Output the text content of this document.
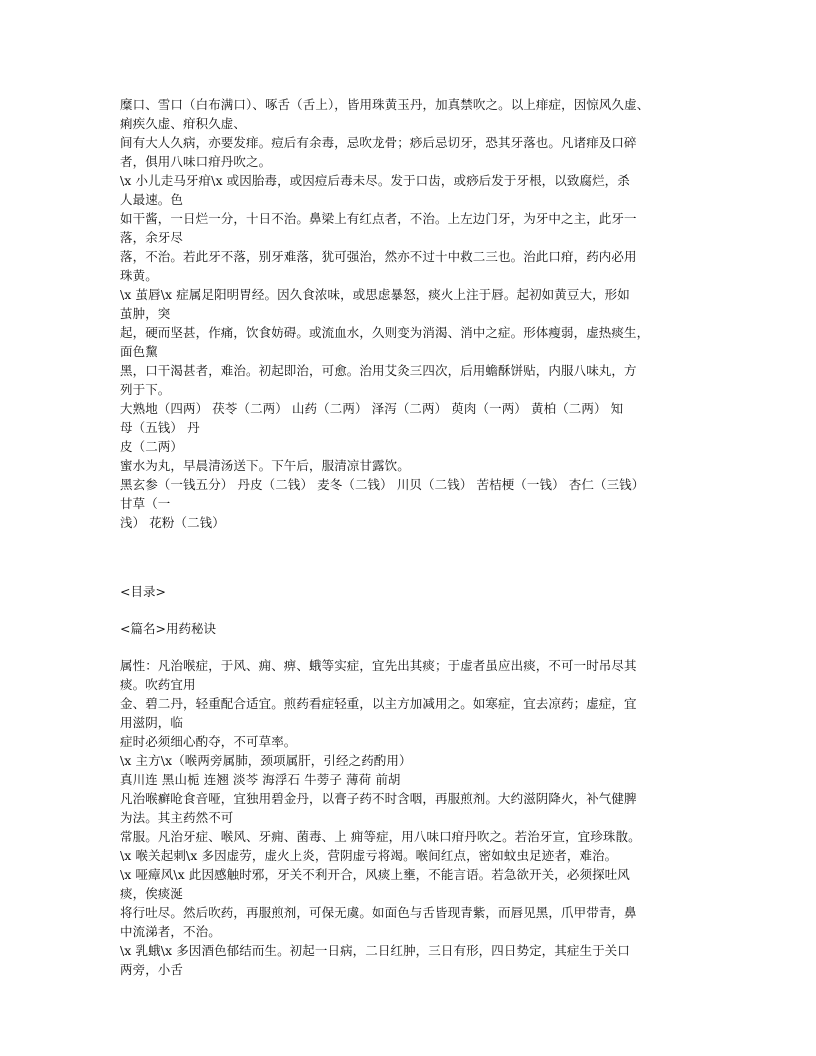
糜口、雪口（白布满口）、啄舌（舌上），皆用珠黄玉丹，加真禁吹之。以上痱症，因惊风久虚、
痢疾久虚、疳积久虚、
间有大人久病，亦要发痱。痘后有余毒，忌吹龙骨；痧后忌切牙，恐其牙落也。凡诸痱及口碎
者，俱用八味口疳丹吹之。
\x 小儿走马牙疳\x 或因胎毒，或因痘后毒未尽。发于口齿，或痧后发于牙根，以致腐烂，杀
人最速。色
如干酱，一日烂一分，十日不治。鼻梁上有红点者，不治。上左边门牙，为牙中之主，此牙一
落，余牙尽
落，不治。若此牙不落，别牙难落，犹可强治，然亦不过十中救二三也。治此口疳，药内必用
珠黄。
\x 茧唇\x 症属足阳明胃经。因久食浓味，或思虑暴怒，痰火上注于唇。起初如黄豆大，形如
茧肿，突
起，硬而坚甚，作痛，饮食妨碍。或流血水，久则变为消渴、消中之症。形体瘦弱，虚热痰生，
面色黧
黑，口干渴甚者，难治。初起即治，可愈。治用艾灸三四次，后用蟾酥饼贴，内服八味丸，方
列于下。
大熟地（四两） 茯苓（二两） 山药（二两） 泽泻（二两） 萸肉（一两） 黄柏（二两） 知
母（五钱） 丹
皮（二两）
蜜水为丸，早晨清汤送下。下午后，服清凉甘露饮。
黑玄参（一钱五分） 丹皮（二钱） 麦冬（二钱） 川贝（二钱） 苦桔梗（一钱） 杏仁（三钱）
甘草（一
浅） 花粉（二钱）
<目录>
<篇名>用药秘诀
属性：凡治喉症，于风、痈、痹、蛾等实症，宜先出其痰；于虚者虽应出痰，不可一时吊尽其
痰。吹药宜用
金、碧二丹，轻重配合适宜。煎药看症轻重，以主方加减用之。如寒症，宜去凉药；虚症，宜
用滋阴，临
症时必须细心酌夺，不可草率。
\x 主方\x（喉两旁属肺，颈项属肝，引经之药酌用）
真川连 黑山栀 连翘 淡芩 海浮石 牛蒡子 薄荷 前胡
凡治喉癣呛食音哑，宜独用碧金丹，以膏子药不时含咽，再服煎剂。大约滋阴降火，补气健脾
为法。其主药然不可
常服。凡治牙症、喉风、牙痈、菌毒、上 痈等症，用八味口疳丹吹之。若治牙宣，宜珍珠散。
\x 喉关起刺\x 多因虚劳，虚火上炎，营阴虚亏将竭。喉间红点，密如蚊虫足迹者，难治。
\x 哑瘴风\x 此因感触时邪，牙关不利开合，风痰上壅，不能言语。若急欲开关，必须探吐风
痰，俟痰涎
将行吐尽。然后吹药，再服煎剂，可保无虞。如面色与舌皆现青紫，而唇见黑，爪甲带青，鼻
中流涕者，不治。
\x 乳蛾\x 多因酒色郁结而生。初起一日病，二日红肿，三日有形，四日势定，其症生于关口
两旁，小舌
